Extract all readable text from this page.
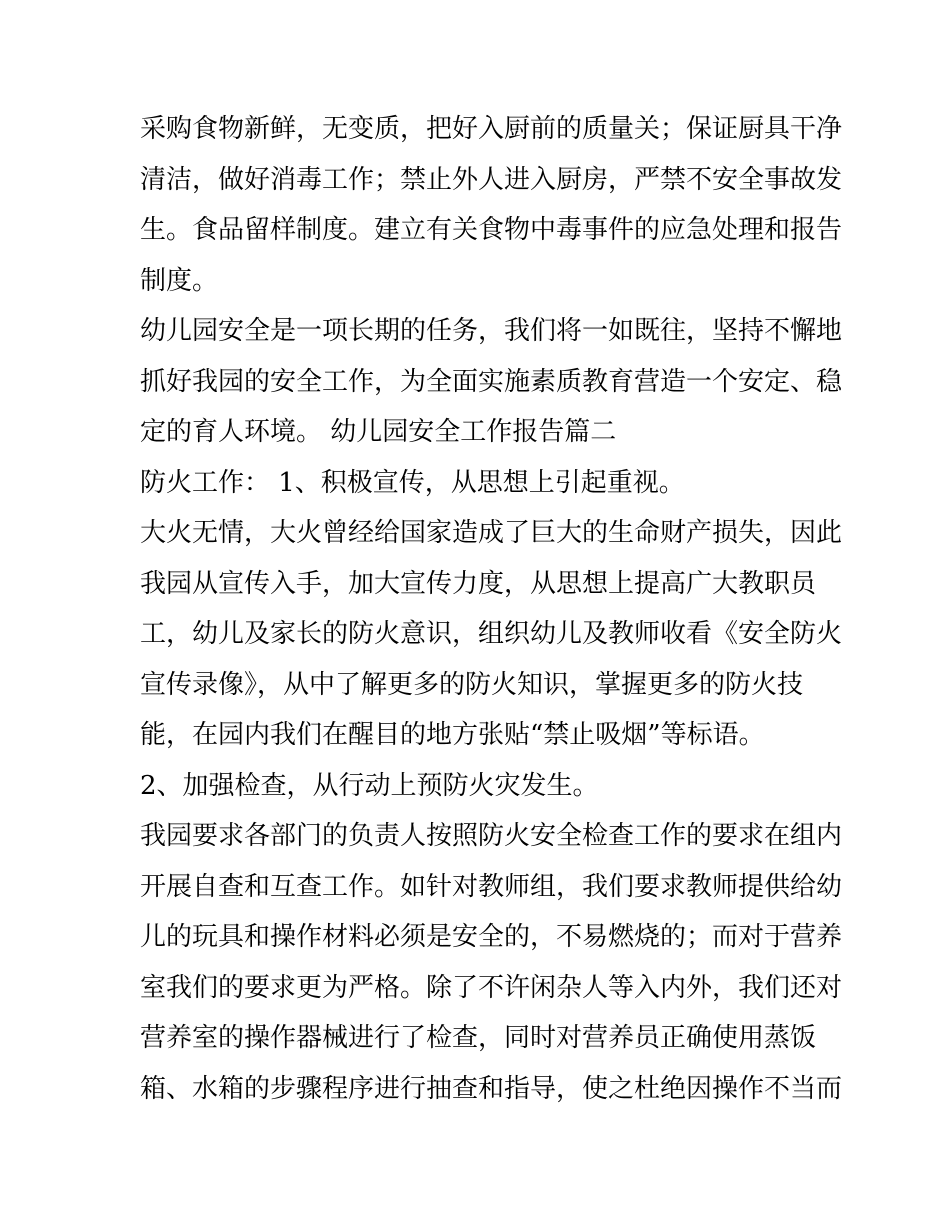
采购食物新鲜，无变质，把好入厨前的质量关；保证厨具干净
清洁，做好消毒工作；禁止外人进入厨房，严禁不安全事故发
生。食品留样制度。建立有关食物中毒事件的应急处理和报告
制度。
幼儿园安全是一项长期的任务，我们将一如既往，坚持不懈地
抓好我园的安全工作，为全面实施素质教育营造一个安定、稳
定的育人环境。 幼儿园安全工作报告篇二
防火工作： 1、积极宣传，从思想上引起重视。
大火无情，大火曾经给国家造成了巨大的生命财产损失，因此
我园从宣传入手，加大宣传力度，从思想上提高广大教职员
工，幼儿及家长的防火意识，组织幼儿及教师收看《安全防火
宣传录像》，从中了解更多的防火知识，掌握更多的防火技
能，在园内我们在醒目的地方张贴“禁止吸烟”等标语。
2、加强检查，从行动上预防火灾发生。
我园要求各部门的负责人按照防火安全检查工作的要求在组内
开展自查和互查工作。如针对教师组，我们要求教师提供给幼
儿的玩具和操作材料必须是安全的，不易燃烧的；而对于营养
室我们的要求更为严格。除了不许闲杂人等入内外，我们还对
营养室的操作器械进行了检查，同时对营养员正确使用蒸饭
箱、水箱的步骤程序进行抽查和指导，使之杜绝因操作不当而
